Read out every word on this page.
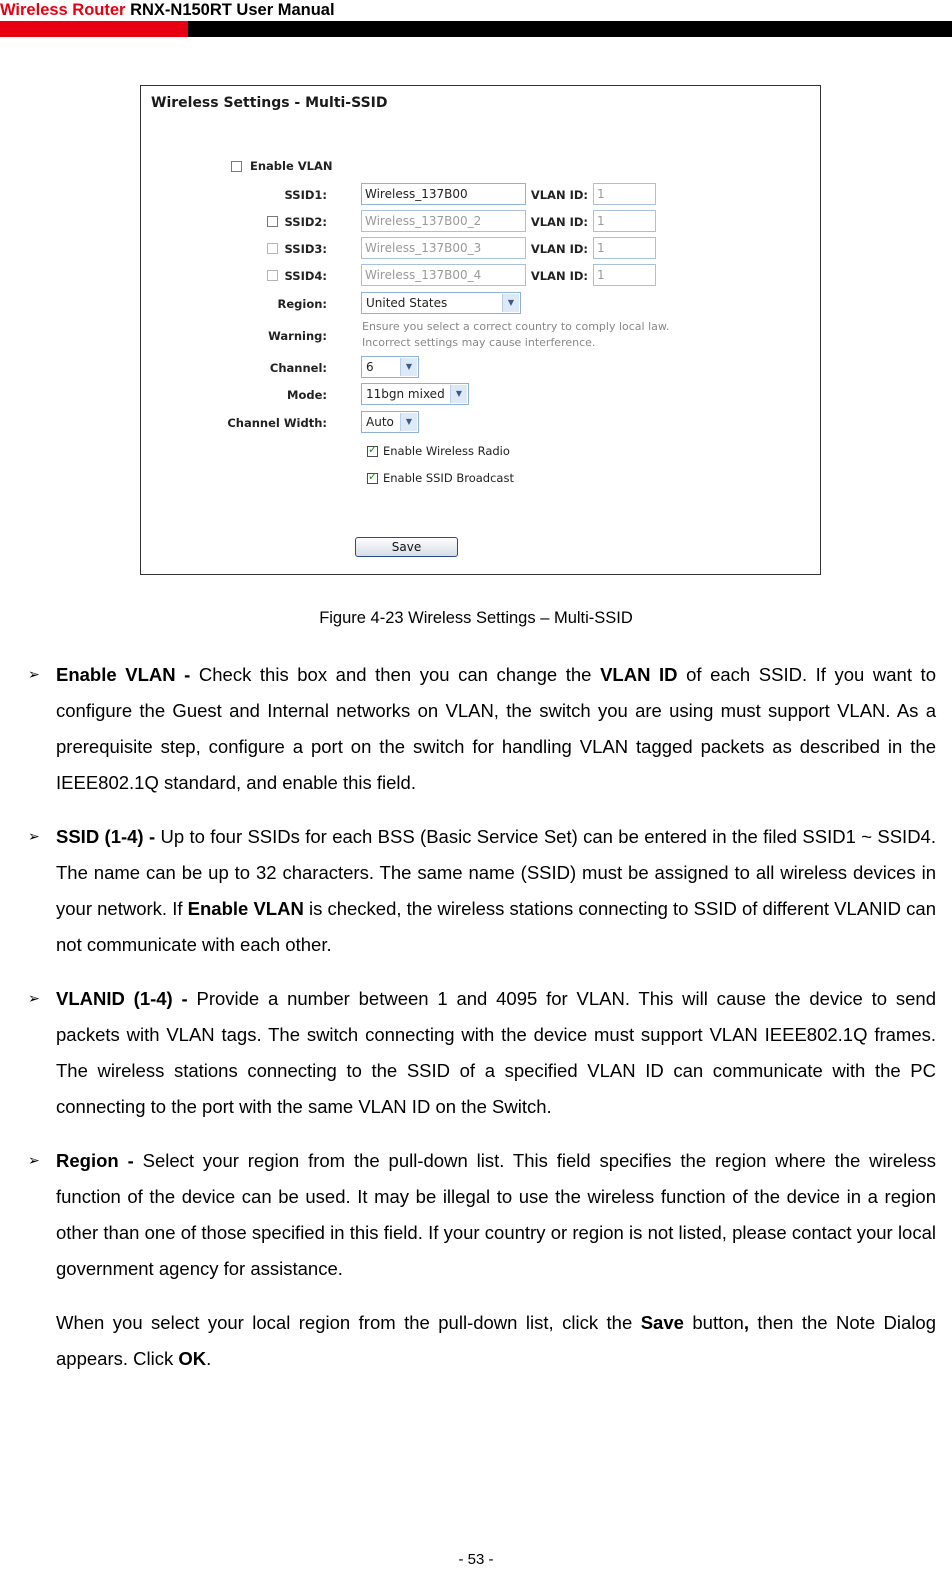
Wireless Router RNX-N150RT User Manual
Wireless Settings - Multi-SSID
Enable VLAN
SSID1:	Wireless_137B00	VLAN ID: 1
SSID2:	Wireless_137B00_2	VLAN ID: 1
SSID3:	Wireless_137B00_3	VLAN ID: 1
SSID4:	Wireless_137B00_4	VLAN ID: 1
Region:	United States	▼
Warning:
Ensure you select a correct country to comply local law.
Incorrect settings may cause interference.
Channel:	6	▼
Mode:	11bgn mixed	▼
Channel Width:	Auto	▼
✓
Enable Wireless Radio
✓
Enable SSID Broadcast
Save
Figure 4-23 Wireless Settings – Multi-SSID
➢ Enable VLAN - Check this box and then you can change the VLAN ID of each SSID. If you want to configure the Guest and Internal networks on VLAN, the switch you are using must support VLAN. As a prerequisite step, configure a port on the switch for handling VLAN tagged packets as described in the IEEE802.1Q standard, and enable this field.
➢ SSID (1-4) - Up to four SSIDs for each BSS (Basic Service Set) can be entered in the filed SSID1 ~ SSID4. The name can be up to 32 characters. The same name (SSID) must be assigned to all wireless devices in your network. If Enable VLAN is checked, the wireless stations connecting to SSID of different VLANID can not communicate with each other.
➢ VLANID (1-4) - Provide a number between 1 and 4095 for VLAN. This will cause the device to send packets with VLAN tags. The switch connecting with the device must support VLAN IEEE802.1Q frames. The wireless stations connecting to the SSID of a specified VLAN ID can communicate with the PC connecting to the port with the same VLAN ID on the Switch.
➢ Region - Select your region from the pull-down list. This field specifies the region where the wireless function of the device can be used. It may be illegal to use the wireless function of the device in a region other than one of those specified in this field. If your country or region is not listed, please contact your local government agency for assistance.
When you select your local region from the pull-down list, click the Save button, then the Note Dialog appears. Click OK.
- 53 -
